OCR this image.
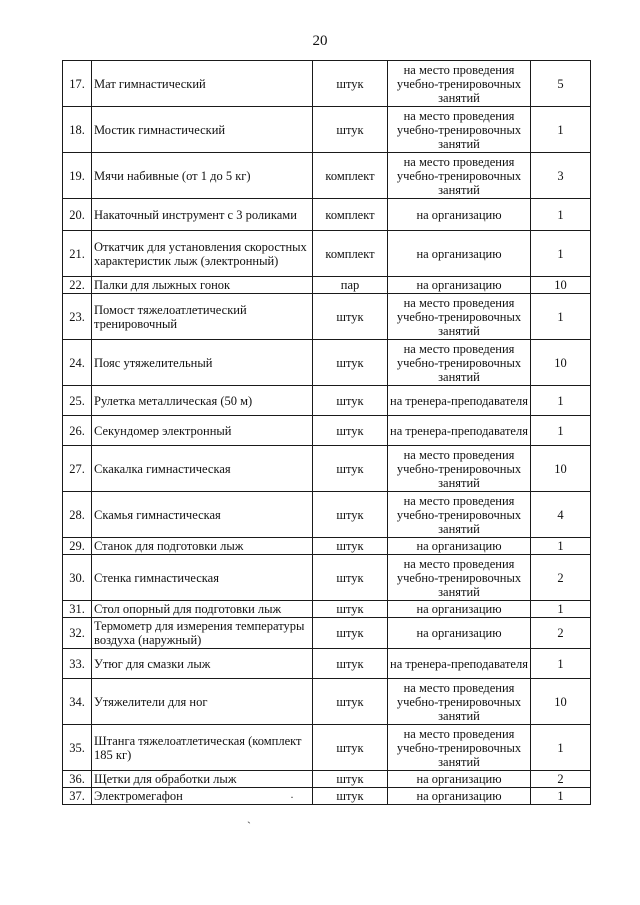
20
17.	Мат гимнастический	штук	на место проведения учебно-тренировочных занятий	5
18.	Мостик гимнастический	штук	на место проведения учебно-тренировочных занятий	1
19.	Мячи набивные (от 1 до 5 кг)	комплект	на место проведения учебно-тренировочных занятий	3
20.	Накаточный инструмент с 3 роликами	комплект	на организацию	1
21.	Откатчик для установления скоростных характеристик лыж (электронный)	комплект	на организацию	1
22.	Палки для лыжных гонок	пар	на организацию	10
23.	Помост тяжелоатлетический тренировочный	штук	на место проведения учебно-тренировочных занятий	1
24.	Пояс утяжелительный	штук	на место проведения учебно-тренировочных занятий	10
25.	Рулетка металлическая (50 м)	штук	на тренера-преподавателя	1
26.	Секундомер электронный	штук	на тренера-преподавателя	1
27.	Скакалка гимнастическая	штук	на место проведения учебно-тренировочных занятий	10
28.	Скамья гимнастическая	штук	на место проведения учебно-тренировочных занятий	4
29.	Станок для подготовки лыж	штук	на организацию	1
30.	Стенка гимнастическая	штук	на место проведения учебно-тренировочных занятий	2
31.	Стол опорный для подготовки лыж	штук	на организацию	1
32.	Термометр для измерения температуры воздуха (наружный)	штук	на организацию	2
33.	Утюг для смазки лыж	штук	на тренера-преподавателя	1
34.	Утяжелители для ног	штук	на место проведения учебно-тренировочных занятий	10
35.	Штанга тяжелоатлетическая (комплект 185 кг)	штук	на место проведения учебно-тренировочных занятий	1
36.	Щетки для обработки лыж	штук	на организацию	2
37.	Электромегафон	штук	на организацию	1
·
ˏ
